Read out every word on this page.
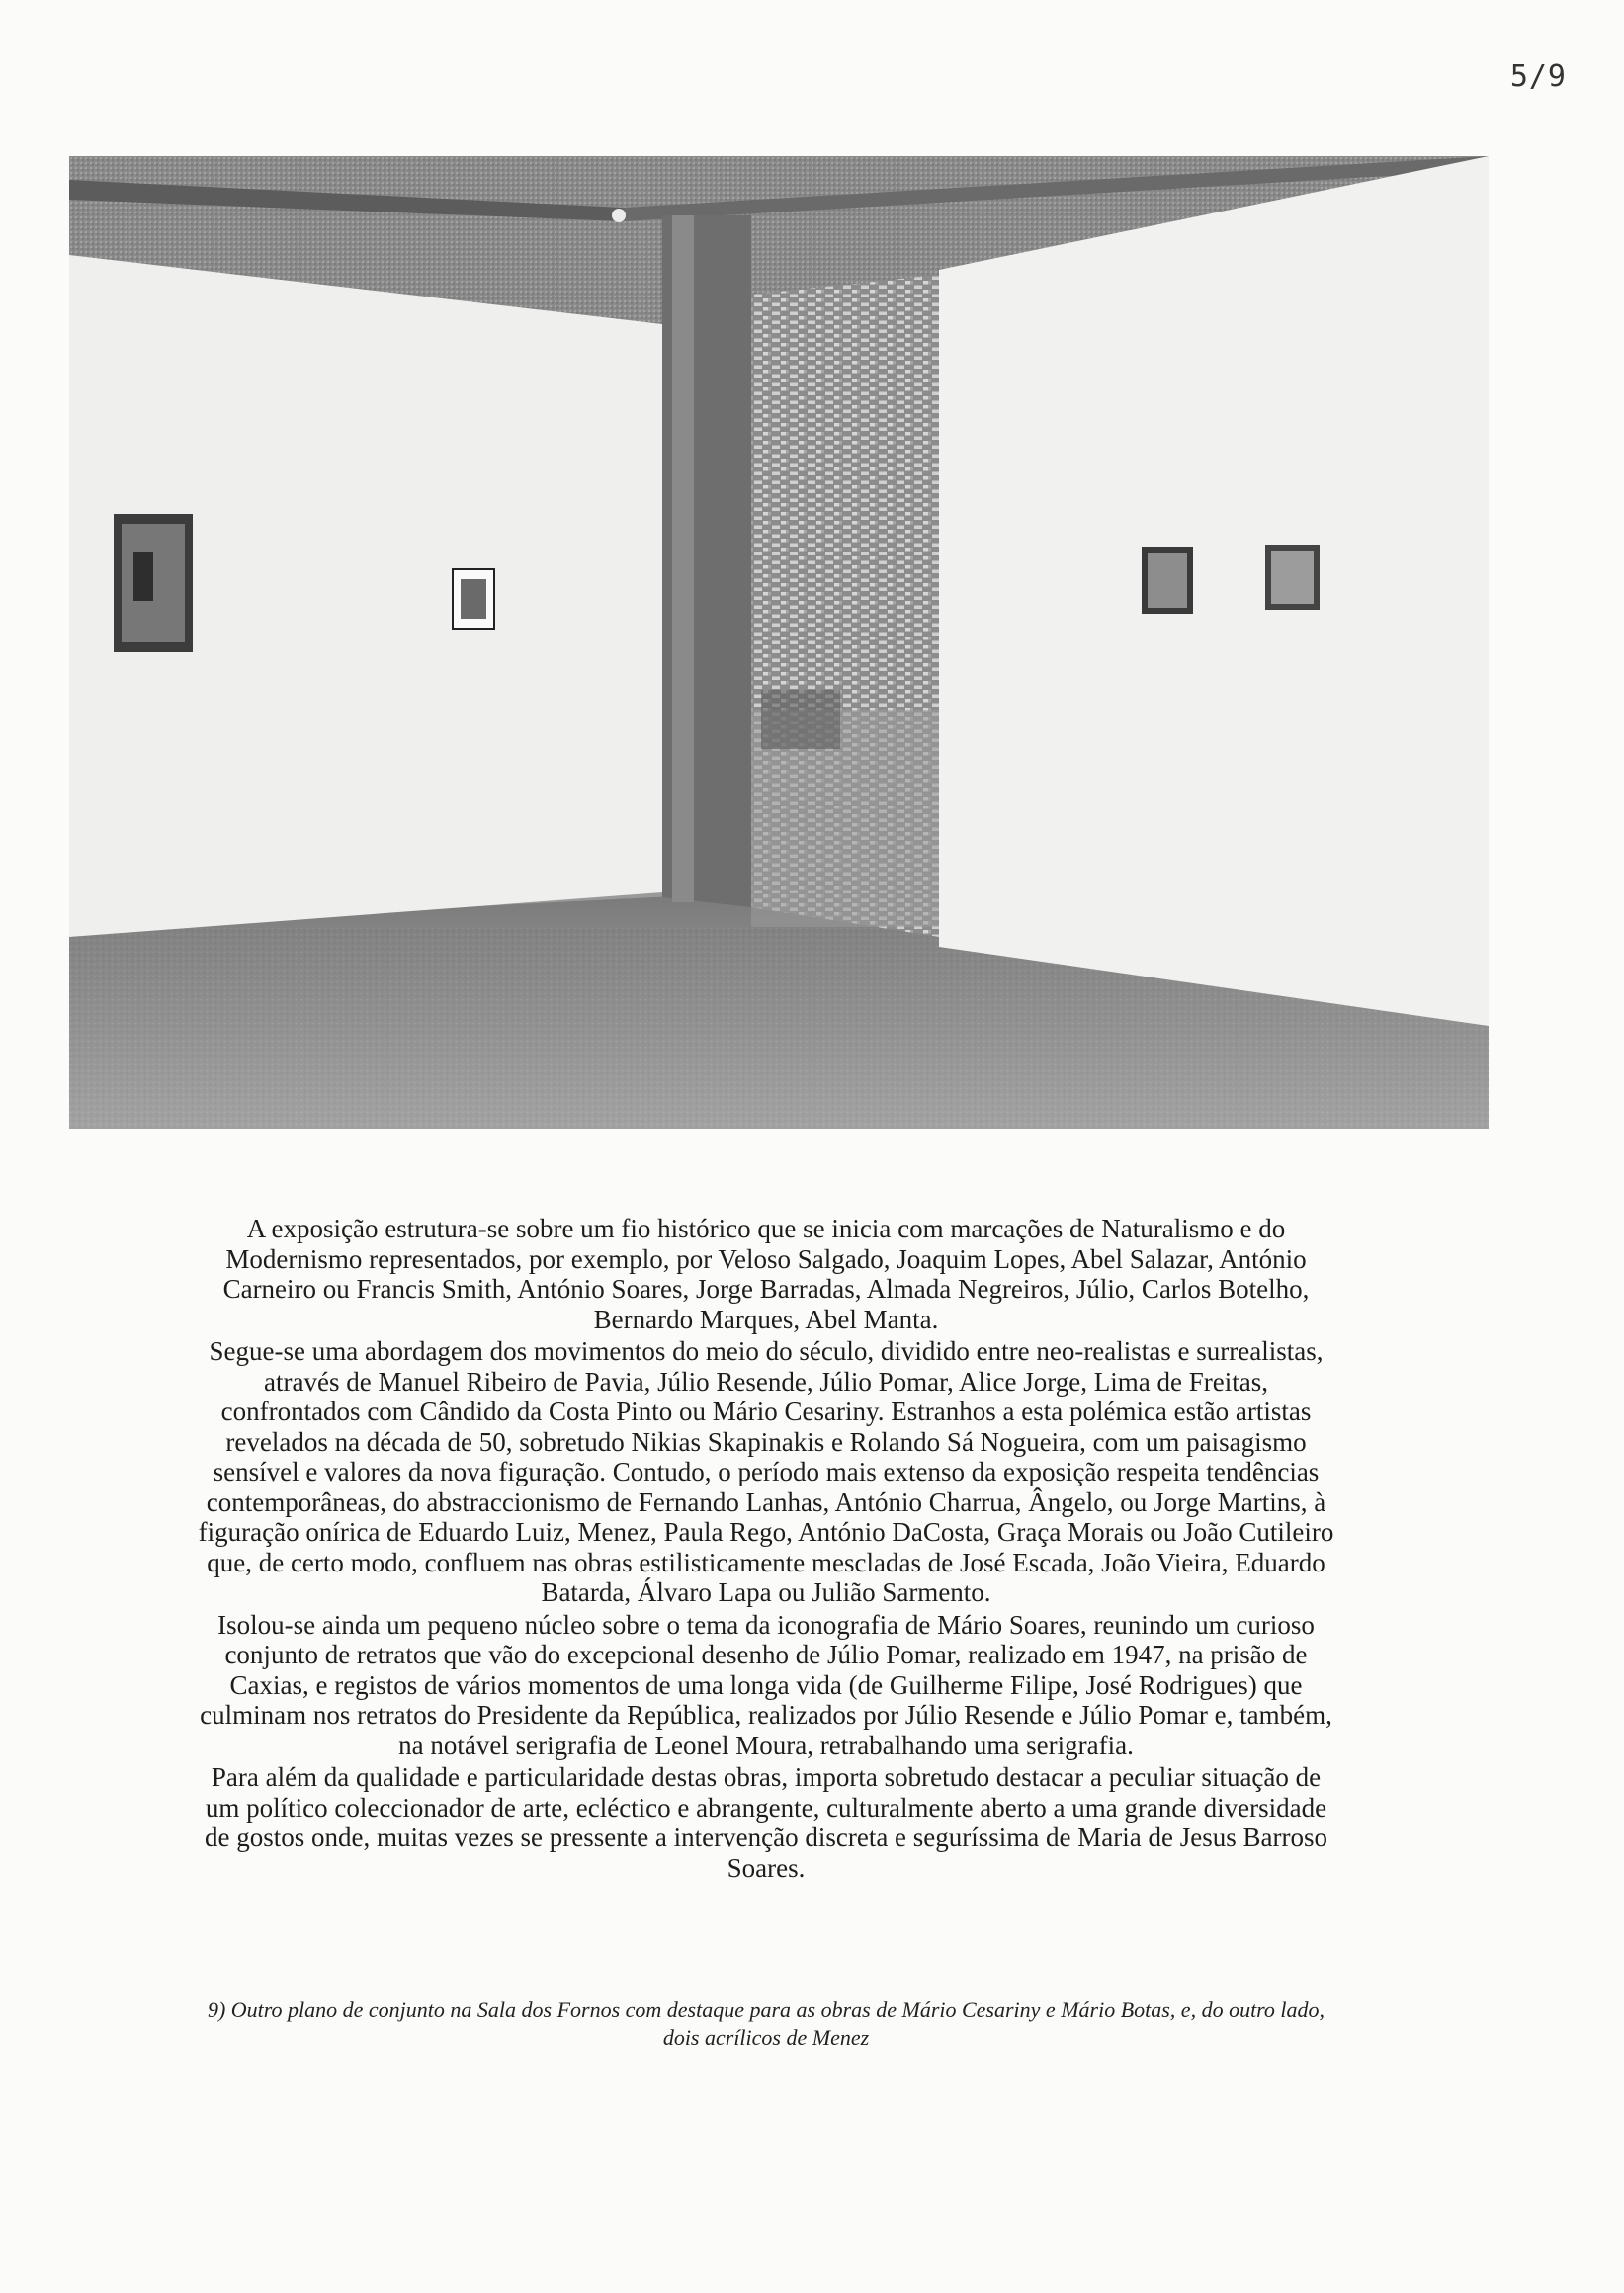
5/9

A exposição estrutura-se sobre um fio histórico que se inicia com marcações de Naturalismo e do Modernismo representados, por exemplo, por Veloso Salgado, Joaquim Lopes, Abel Salazar, António Carneiro ou Francis Smith, António Soares, Jorge Barradas, Almada Negreiros, Júlio, Carlos Botelho, Bernardo Marques, Abel Manta.

Segue-se uma abordagem dos movimentos do meio do século, dividido entre neo-realistas e surrealistas, através de Manuel Ribeiro de Pavia, Júlio Resende, Júlio Pomar, Alice Jorge, Lima de Freitas, confrontados com Cândido da Costa Pinto ou Mário Cesariny. Estranhos a esta polémica estão artistas revelados na década de 50, sobretudo Nikias Skapinakis e Rolando Sá Nogueira, com um paisagismo sensível e valores da nova figuração. Contudo, o período mais extenso da exposição respeita tendências contemporâneas, do abstraccionismo de Fernando Lanhas, António Charrua, Ângelo, ou Jorge Martins, à figuração onírica de Eduardo Luiz, Menez, Paula Rego, António DaCosta, Graça Morais ou João Cutileiro que, de certo modo, confluem nas obras estilisticamente mescladas de José Escada, João Vieira, Eduardo Batarda, Álvaro Lapa ou Julião Sarmento.

Isolou-se ainda um pequeno núcleo sobre o tema da iconografia de Mário Soares, reunindo um curioso conjunto de retratos que vão do excepcional desenho de Júlio Pomar, realizado em 1947, na prisão de Caxias, e registos de vários momentos de uma longa vida (de Guilherme Filipe, José Rodrigues) que culminam nos retratos do Presidente da República, realizados por Júlio Resende e Júlio Pomar e, também, na notável serigrafia de Leonel Moura, retrabalhando uma serigrafia.

Para além da qualidade e particularidade destas obras, importa sobretudo destacar a peculiar situação de um político coleccionador de arte, ecléctico e abrangente, culturalmente aberto a uma grande diversidade de gostos onde, muitas vezes se pressente a intervenção discreta e seguríssima de Maria de Jesus Barroso Soares.

9) Outro plano de conjunto na Sala dos Fornos com destaque para as obras de Mário Cesariny e Mário Botas, e, do outro lado, dois acrílicos de Menez
